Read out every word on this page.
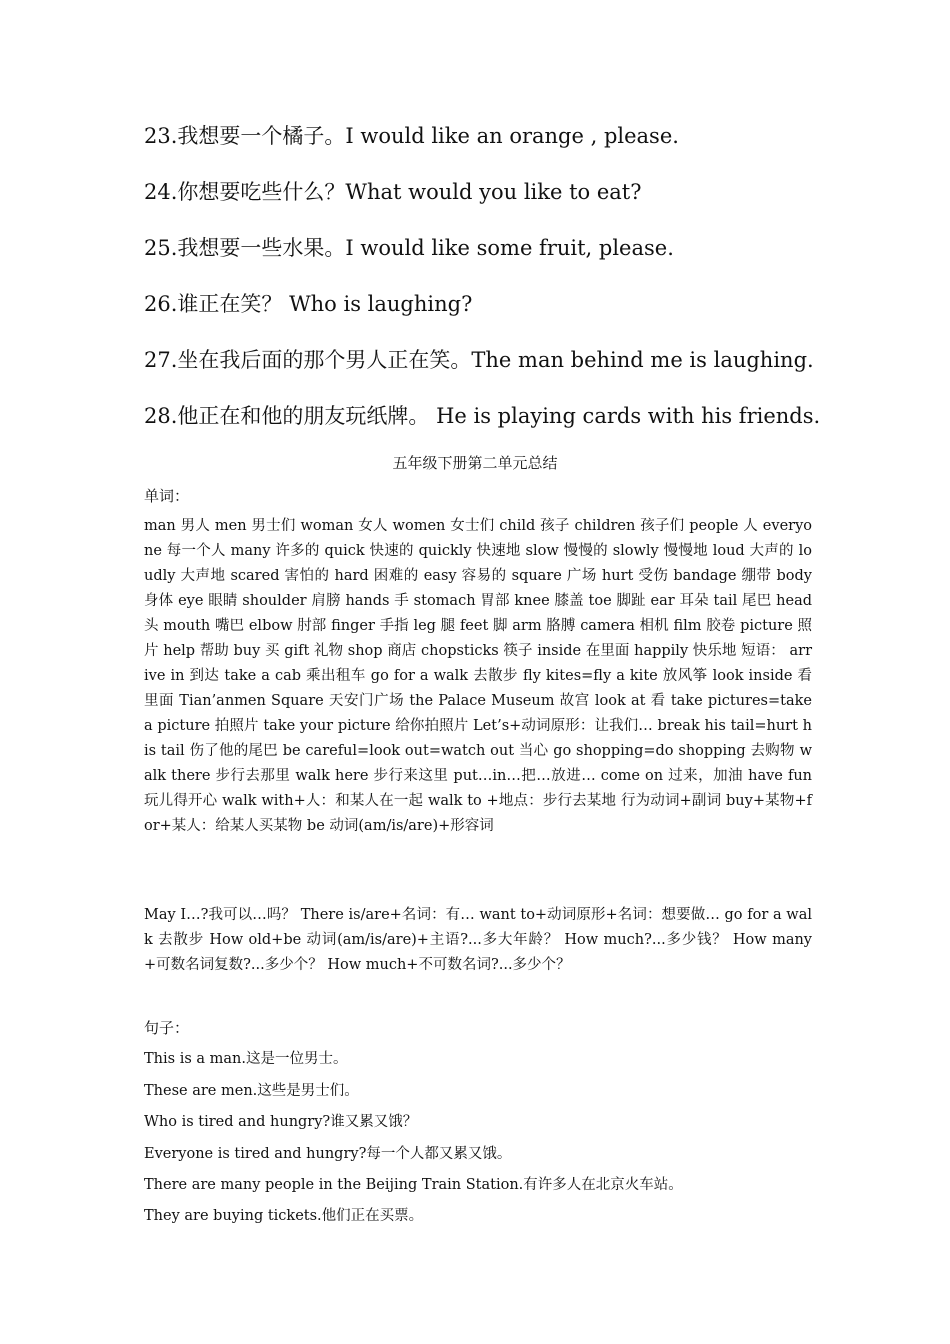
23.我想要一个橘子。I would like an orange , please.
24.你想要吃些什么？What would you like to eat?
25.我想要一些水果。I would like some fruit, please.
26.谁正在笑？ Who is laughing?
27.坐在我后面的那个男人正在笑。The man behind me is laughing.
28.他正在和他的朋友玩纸牌。 He is playing cards with his friends.
五年级下册第二单元总结
单词：
man 男人 men 男士们 woman 女人 women 女士们 child 孩子 children 孩子们 people 人 everyone 每一个人 many 许多的 quick 快速的 quickly 快速地 slow 慢慢的 slowly 慢慢地 loud 大声的 loudly 大声地 scared 害怕的 hard 困难的 easy 容易的 square 广场 hurt 受伤 bandage 绷带 body 身体 eye 眼睛 shoulder 肩膀 hands 手 stomach 胃部 knee 膝盖 toe 脚趾 ear 耳朵 tail 尾巴 head 头 mouth 嘴巴 elbow 肘部 finger 手指 leg 腿 feet 脚 arm 胳膊 camera 相机 film 胶卷 picture 照片 help 帮助 buy 买 gift 礼物 shop 商店 chopsticks 筷子 inside 在里面 happily 快乐地 短语： arrive in 到达 take a cab 乘出租车 go for a walk 去散步 fly kites=fly a kite 放风筝 look inside 看里面 Tian’anmen Square 天安门广场 the Palace Museum 故宫 look at 看 take pictures=take a picture 拍照片 take your picture 给你拍照片 Let’s+动词原形：让我们… break his tail=hurt his tail 伤了他的尾巴 be careful=look out=watch out 当心 go shopping=do shopping 去购物 walk there 步行去那里 walk here 步行来这里 put…in…把…放进… come on 过来，加油 have fun 玩儿得开心 walk with+人：和某人在一起 walk to +地点：步行去某地 行为动词+副词 buy+某物+for+某人：给某人买某物 be 动词(am/is/are)+形容词
May I…?我可以…吗？ There is/are+名词：有… want to+动词原形+名词：想要做… go for a walk 去散步 How old+be 动词(am/is/are)+主语?...多大年龄？ How much?...多少钱？ How many+可数名词复数?...多少个？ How much+不可数名词?...多少个？
句子：
This is a man.这是一位男士。
These are men.这些是男士们。
Who is tired and hungry?谁又累又饿？
Everyone is tired and hungry?每一个人都又累又饿。
There are many people in the Beijing Train Station.有许多人在北京火车站。
They are buying tickets.他们正在买票。
